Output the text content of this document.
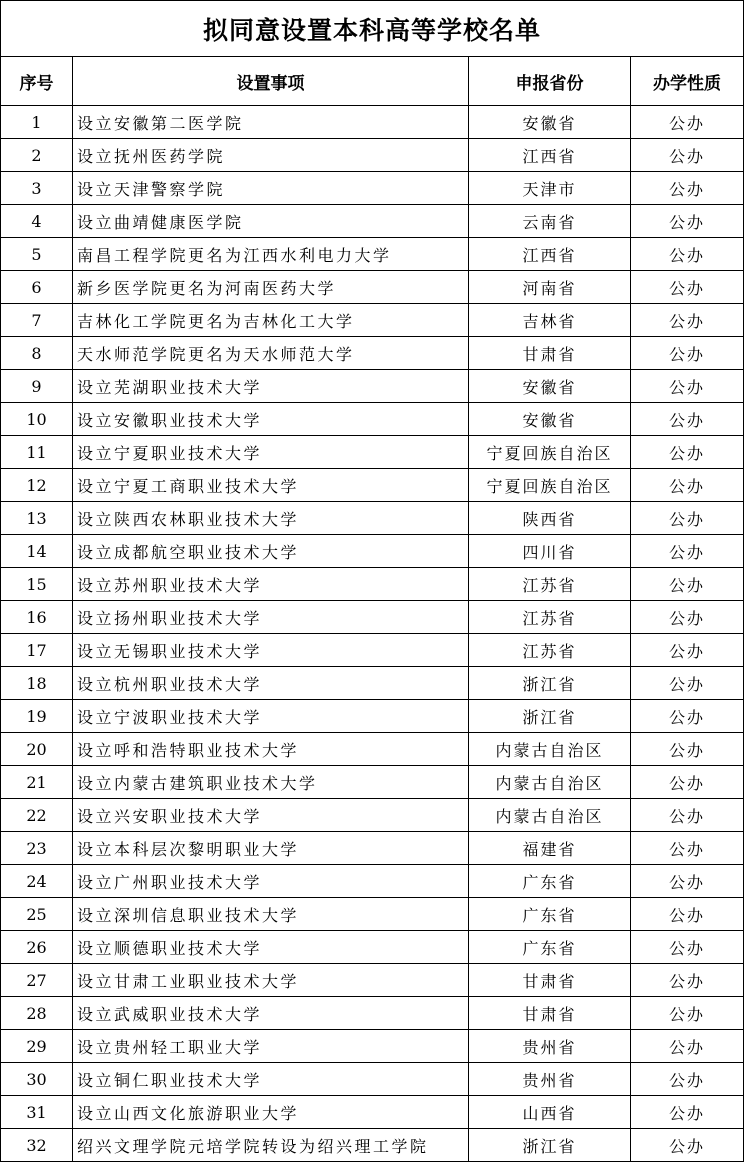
拟同意设置本科高等学校名单			
序号	设置事项	申报省份	办学性质
1	设立安徽第二医学院	安徽省	公办
2	设立抚州医药学院	江西省	公办
3	设立天津警察学院	天津市	公办
4	设立曲靖健康医学院	云南省	公办
5	南昌工程学院更名为江西水利电力大学	江西省	公办
6	新乡医学院更名为河南医药大学	河南省	公办
7	吉林化工学院更名为吉林化工大学	吉林省	公办
8	天水师范学院更名为天水师范大学	甘肃省	公办
9	设立芜湖职业技术大学	安徽省	公办
10	设立安徽职业技术大学	安徽省	公办
11	设立宁夏职业技术大学	宁夏回族自治区	公办
12	设立宁夏工商职业技术大学	宁夏回族自治区	公办
13	设立陕西农林职业技术大学	陕西省	公办
14	设立成都航空职业技术大学	四川省	公办
15	设立苏州职业技术大学	江苏省	公办
16	设立扬州职业技术大学	江苏省	公办
17	设立无锡职业技术大学	江苏省	公办
18	设立杭州职业技术大学	浙江省	公办
19	设立宁波职业技术大学	浙江省	公办
20	设立呼和浩特职业技术大学	内蒙古自治区	公办
21	设立内蒙古建筑职业技术大学	内蒙古自治区	公办
22	设立兴安职业技术大学	内蒙古自治区	公办
23	设立本科层次黎明职业大学	福建省	公办
24	设立广州职业技术大学	广东省	公办
25	设立深圳信息职业技术大学	广东省	公办
26	设立顺德职业技术大学	广东省	公办
27	设立甘肃工业职业技术大学	甘肃省	公办
28	设立武威职业技术大学	甘肃省	公办
29	设立贵州轻工职业大学	贵州省	公办
30	设立铜仁职业技术大学	贵州省	公办
31	设立山西文化旅游职业大学	山西省	公办
32	绍兴文理学院元培学院转设为绍兴理工学院	浙江省	公办
